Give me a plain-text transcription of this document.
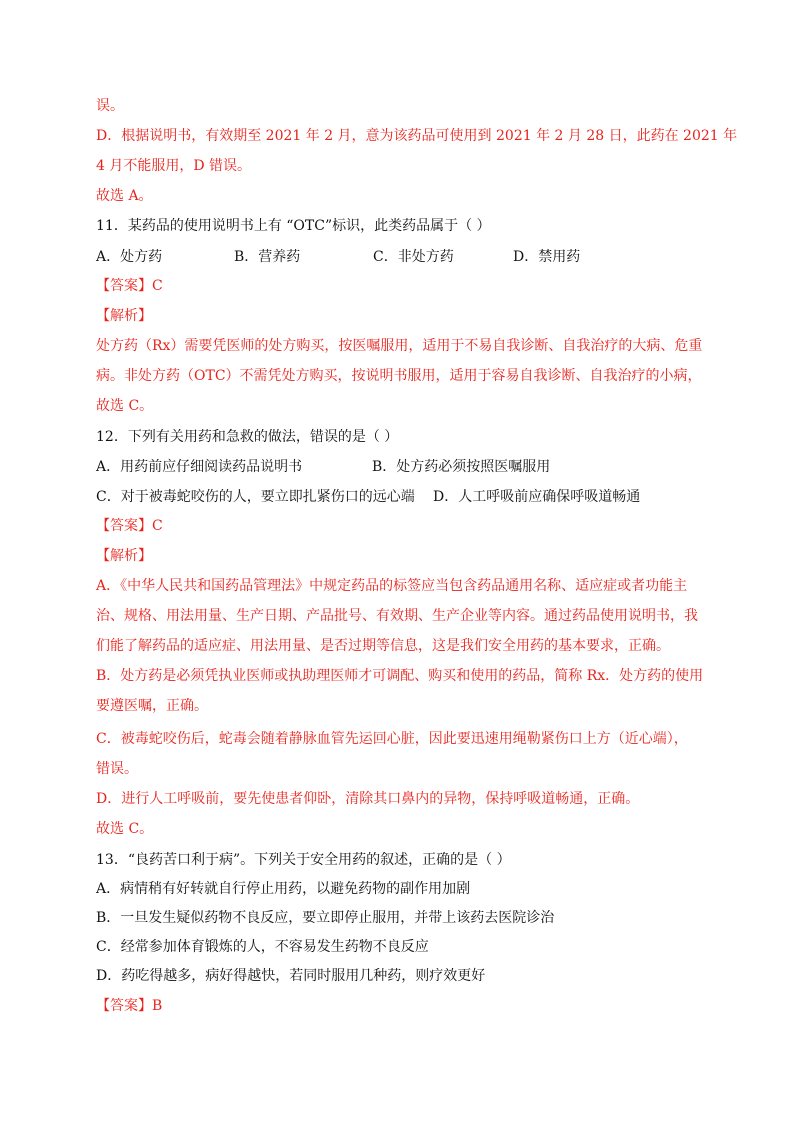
误。
D．根据说明书，有效期至 2021 年 2 月，意为该药品可使用到 2021 年 2 月 28 日，此药在 2021 年
4 月不能服用，D 错误。
故选 A。
11．某药品的使用说明书上有 “OTC”标识，此类药品属于（ ）
A．处方药	B．营养药	C．非处方药	D．禁用药
【答案】C
【解析】
处方药（Rx）需要凭医师的处方购买，按医嘱服用，适用于不易自我诊断、自我治疗的大病、危重
病。非处方药（OTC）不需凭处方购买，按说明书服用，适用于容易自我诊断、自我治疗的小病，
故选 C。
12．下列有关用药和急救的做法，错误的是（ ）
A．用药前应仔细阅读药品说明书	B．处方药必须按照医嘱服用
C．对于被毒蛇咬伤的人，要立即扎紧伤口的远心端 D．人工呼吸前应确保呼吸道畅通
【答案】C
【解析】
A．《中华人民共和国药品管理法》中规定药品的标签应当包含药品通用名称、适应症或者功能主
治、规格、用法用量、生产日期、产品批号、有效期、生产企业等内容。通过药品使用说明书，我
们能了解药品的适应症、用法用量、是否过期等信息，这是我们安全用药的基本要求，正确。
B．处方药是必须凭执业医师或执助理医师才可调配、购买和使用的药品，简称 Rx．处方药的使用
要遵医嘱，正确。
C．被毒蛇咬伤后，蛇毒会随着静脉血管先运回心脏，因此要迅速用绳勒紧伤口上方（近心端），
错误。
D．进行人工呼吸前，要先使患者仰卧，清除其口鼻内的异物，保持呼吸道畅通，正确。
故选 C。
13．“良药苦口利于病”。下列关于安全用药的叙述，正确的是（ ）
A．病情稍有好转就自行停止用药，以避免药物的副作用加剧
B．一旦发生疑似药物不良反应，要立即停止服用，并带上该药去医院诊治
C．经常参加体育锻炼的人，不容易发生药物不良反应
D．药吃得越多，病好得越快，若同时服用几种药，则疗效更好
【答案】B
